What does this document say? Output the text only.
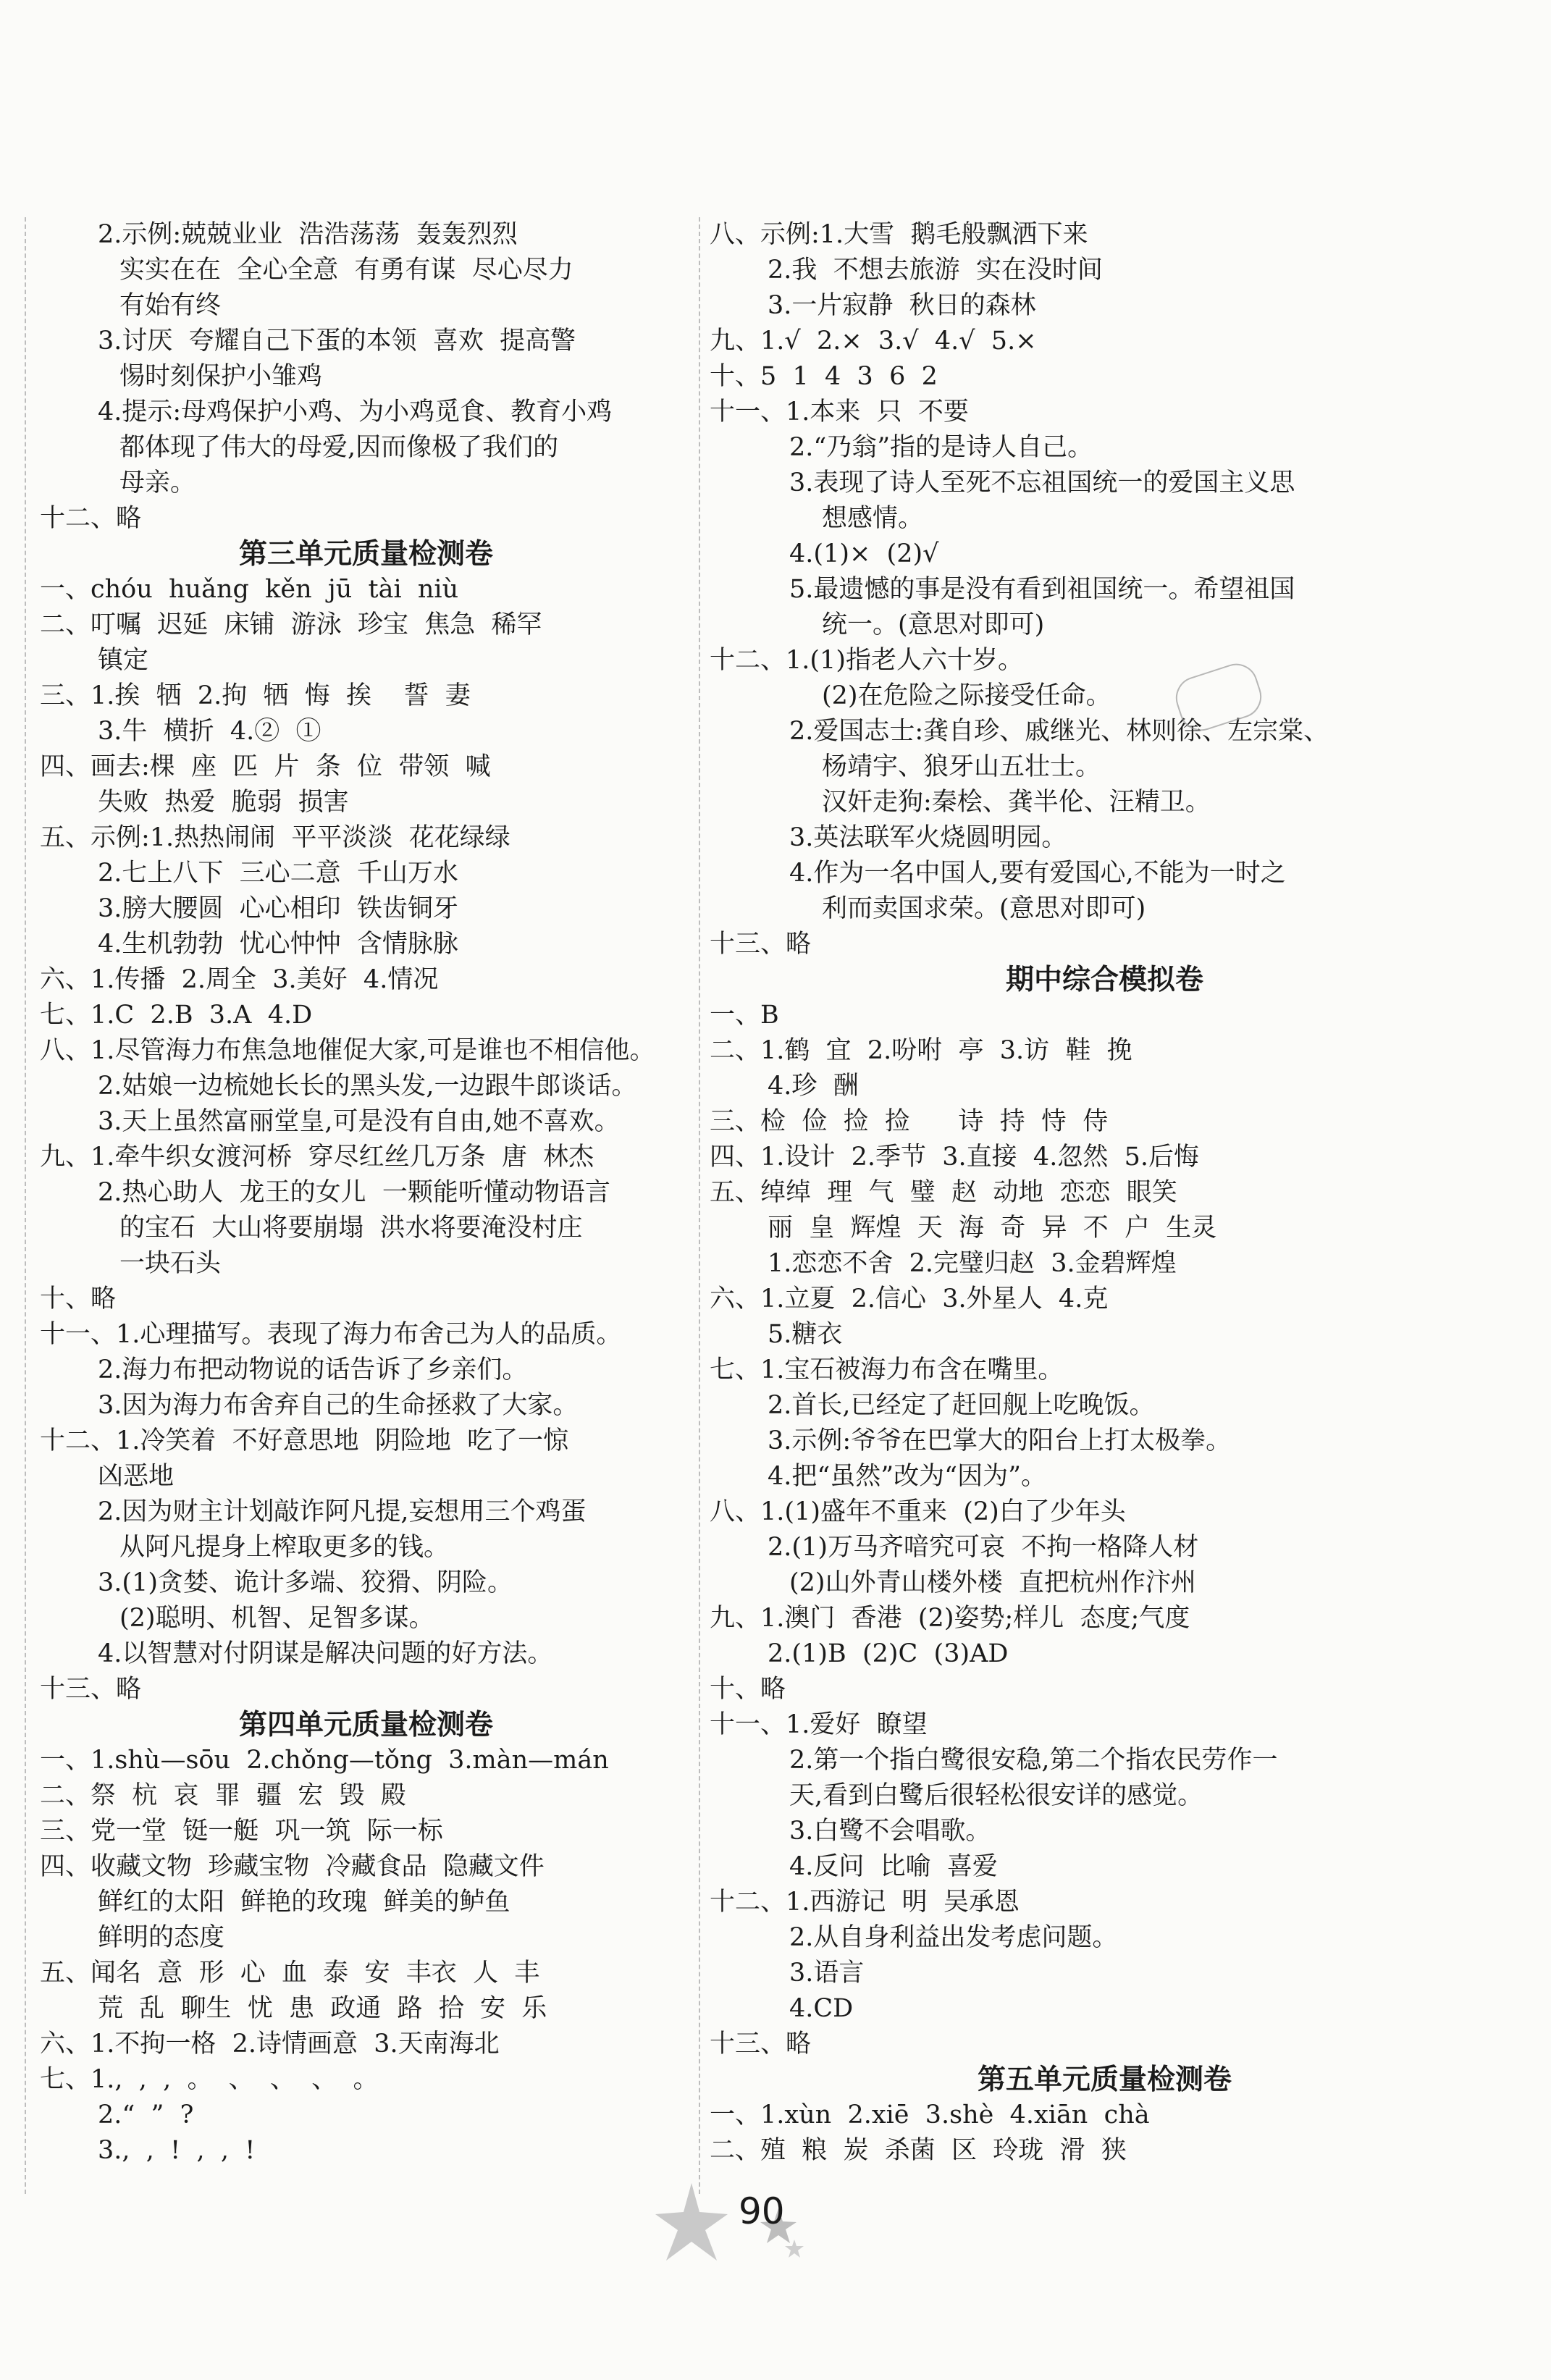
2.示例:兢兢业业  浩浩荡荡  轰轰烈烈
实实在在  全心全意  有勇有谋  尽心尽力
有始有终
3.讨厌  夸耀自己下蛋的本领  喜欢  提高警
惕时刻保护小雏鸡
4.提示:母鸡保护小鸡、为小鸡觅食、教育小鸡
都体现了伟大的母爱,因而像极了我们的
母亲。
十二、略
第三单元质量检测卷
一、chóu  huǎng  kěn  jū  tài  niù
二、叮嘱  迟延  床铺  游泳  珍宝  焦急  稀罕
镇定
三、1.挨  牺  2.拘  牺  悔  挨    誓  妻
3.牛  横折  4.②  ①
四、画去:棵  座  匹  片  条  位  带领  喊
失败  热爱  脆弱  损害
五、示例:1.热热闹闹  平平淡淡  花花绿绿
2.七上八下  三心二意  千山万水
3.膀大腰圆  心心相印  铁齿铜牙
4.生机勃勃  忧心忡忡  含情脉脉
六、1.传播  2.周全  3.美好  4.情况
七、1.C  2.B  3.A  4.D
八、1.尽管海力布焦急地催促大家,可是谁也不相信他。
2.姑娘一边梳她长长的黑头发,一边跟牛郎谈话。
3.天上虽然富丽堂皇,可是没有自由,她不喜欢。
九、1.牵牛织女渡河桥  穿尽红丝几万条  唐  林杰
2.热心助人  龙王的女儿  一颗能听懂动物语言
的宝石  大山将要崩塌  洪水将要淹没村庄
一块石头
十、略
十一、1.心理描写。表现了海力布舍己为人的品质。
2.海力布把动物说的话告诉了乡亲们。
3.因为海力布舍弃自己的生命拯救了大家。
十二、1.冷笑着  不好意思地  阴险地  吃了一惊
凶恶地
2.因为财主计划敲诈阿凡提,妄想用三个鸡蛋
从阿凡提身上榨取更多的钱。
3.(1)贪婪、诡计多端、狡猾、阴险。
(2)聪明、机智、足智多谋。
4.以智慧对付阴谋是解决问题的好方法。
十三、略
第四单元质量检测卷
一、1.shù—sōu  2.chǒng—tǒng  3.màn—mán
二、祭  杭  哀  罪  疆  宏  毁  殿
三、党一堂  铤一艇  巩一筑  际一标
四、收藏文物  珍藏宝物  冷藏食品  隐藏文件
鲜红的太阳  鲜艳的玫瑰  鲜美的鲈鱼
鲜明的态度
五、闻名  意  形  心  血  泰  安  丰衣  人  丰
荒  乱  聊生  忧  患  政通  路  拾  安  乐
六、1.不拘一格  2.诗情画意  3.天南海北
七、1.,  ,  ,  。  、  、  、  。
2.“  ”  ?
3.,  ,  !  ,  ,  !
八、示例:1.大雪  鹅毛般飘洒下来
2.我  不想去旅游  实在没时间
3.一片寂静  秋日的森林
九、1.√  2.×  3.√  4.√  5.×
十、5  1  4  3  6  2
十一、1.本来  只  不要
2.“乃翁”指的是诗人自己。
3.表现了诗人至死不忘祖国统一的爱国主义思
想感情。
4.(1)×  (2)√
5.最遗憾的事是没有看到祖国统一。希望祖国
统一。(意思对即可)
十二、1.(1)指老人六十岁。
(2)在危险之际接受任命。
2.爱国志士:龚自珍、戚继光、林则徐、左宗棠、
杨靖宇、狼牙山五壮士。
汉奸走狗:秦桧、龚半伦、汪精卫。
3.英法联军火烧圆明园。
4.作为一名中国人,要有爱国心,不能为一时之
利而卖国求荣。(意思对即可)
十三、略
期中综合模拟卷
一、B
二、1.鹤  宜  2.吩咐  亭  3.访  鞋  挽
4.珍  酬
三、检  俭  捡  捡      诗  持  恃  侍
四、1.设计  2.季节  3.直接  4.忽然  5.后悔
五、绰绰  理  气  璧  赵  动地  恋恋  眼笑
丽  皇  辉煌  天  海  奇  异  不  户  生灵
1.恋恋不舍  2.完璧归赵  3.金碧辉煌
六、1.立夏  2.信心  3.外星人  4.克
5.糖衣
七、1.宝石被海力布含在嘴里。
2.首长,已经定了赶回舰上吃晚饭。
3.示例:爷爷在巴掌大的阳台上打太极拳。
4.把“虽然”改为“因为”。
八、1.(1)盛年不重来  (2)白了少年头
2.(1)万马齐喑究可哀  不拘一格降人材
(2)山外青山楼外楼  直把杭州作汴州
九、1.澳门  香港  (2)姿势;样儿  态度;气度
2.(1)B  (2)C  (3)AD
十、略
十一、1.爱好  瞭望
2.第一个指白鹭很安稳,第二个指农民劳作一
天,看到白鹭后很轻松很安详的感觉。
3.白鹭不会唱歌。
4.反问  比喻  喜爱
十二、1.西游记  明  吴承恩
2.从自身利益出发考虑问题。
3.语言
4.CD
十三、略
第五单元质量检测卷
一、1.xùn  2.xiē  3.shè  4.xiān  chà
二、殖  粮  炭  杀菌  区  玲珑  滑  狭
90
